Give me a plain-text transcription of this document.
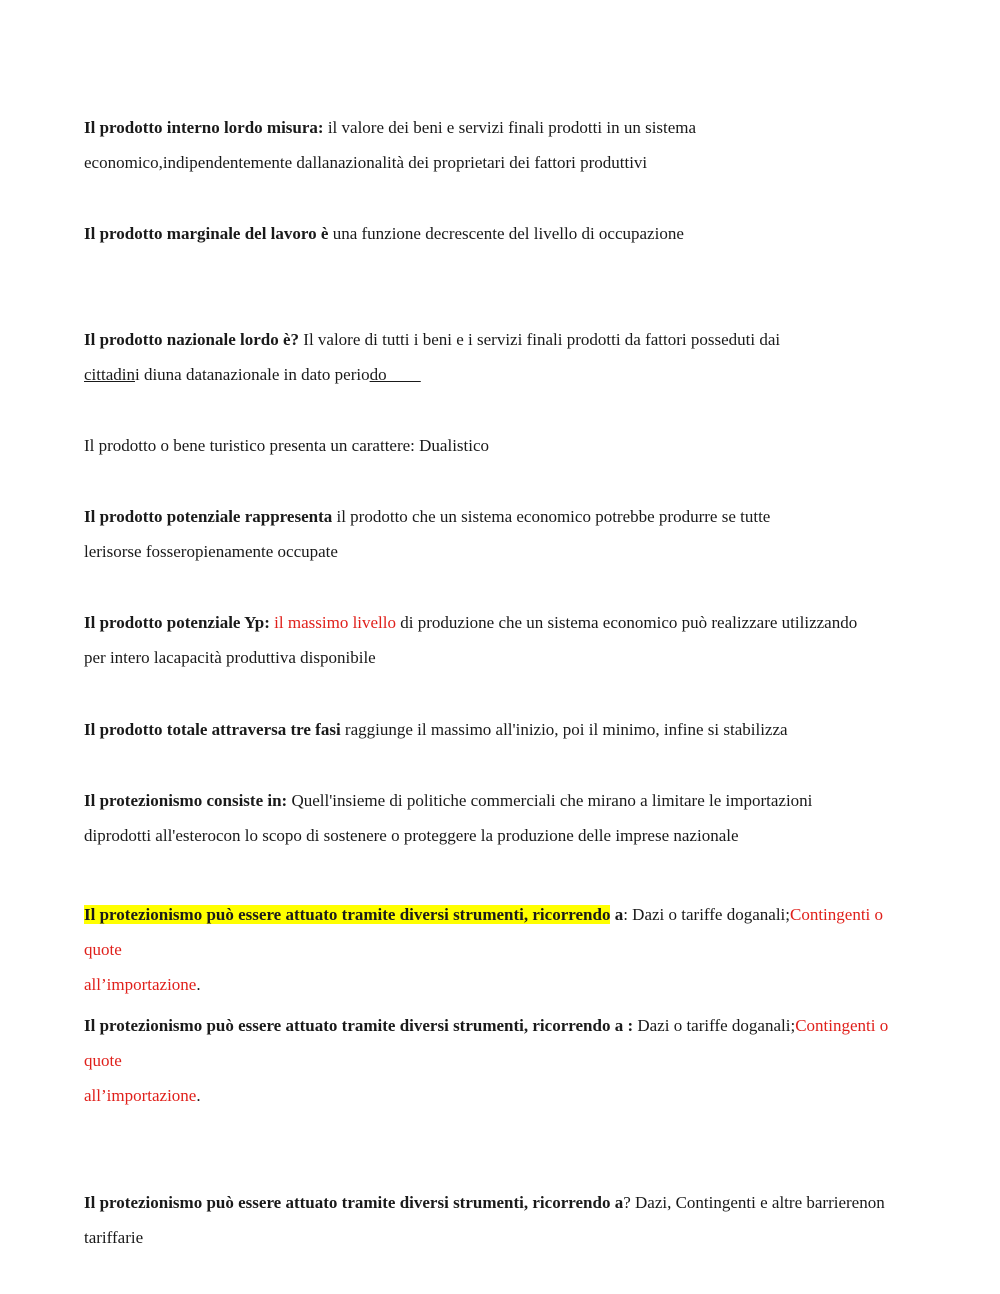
Il prodotto interno lordo misura: il valore dei beni e servizi finali prodotti in un sistema
economico,indipendentemente dallanazionalità dei proprietari dei fattori produttivi

Il prodotto marginale del lavoro è una funzione decrescente del livello di occupazione

Il prodotto nazionale lordo è? Il valore di tutti i beni e i servizi finali prodotti da fattori posseduti dai
cittadini diuna datanazionale in dato periodo____

Il prodotto o bene turistico presenta un carattere: Dualistico

Il prodotto potenziale rappresenta il prodotto che un sistema economico potrebbe produrre se tutte
lerisorse fosseropienamente occupate

Il prodotto potenziale Yp: il massimo livello di produzione che un sistema economico può realizzare utilizzando
per intero lacapacità produttiva disponibile

Il prodotto totale attraversa tre fasi raggiunge il massimo all'inizio, poi il minimo, infine si stabilizza

Il protezionismo consiste in: Quell'insieme di politiche commerciali che mirano a limitare le importazioni
diprodotti all'esterocon lo scopo di sostenere o proteggere la produzione delle imprese nazionale

Il protezionismo può essere attuato tramite diversi strumenti, ricorrendo a: Dazi o tariffe doganali;Contingenti o
quote
all’importazione.

Il protezionismo può essere attuato tramite diversi strumenti, ricorrendo a : Dazi o tariffe doganali;Contingenti o
quote
all’importazione.

Il protezionismo può essere attuato tramite diversi strumenti, ricorrendo a? Dazi, Contingenti e altre barrierenon
tariffarie
